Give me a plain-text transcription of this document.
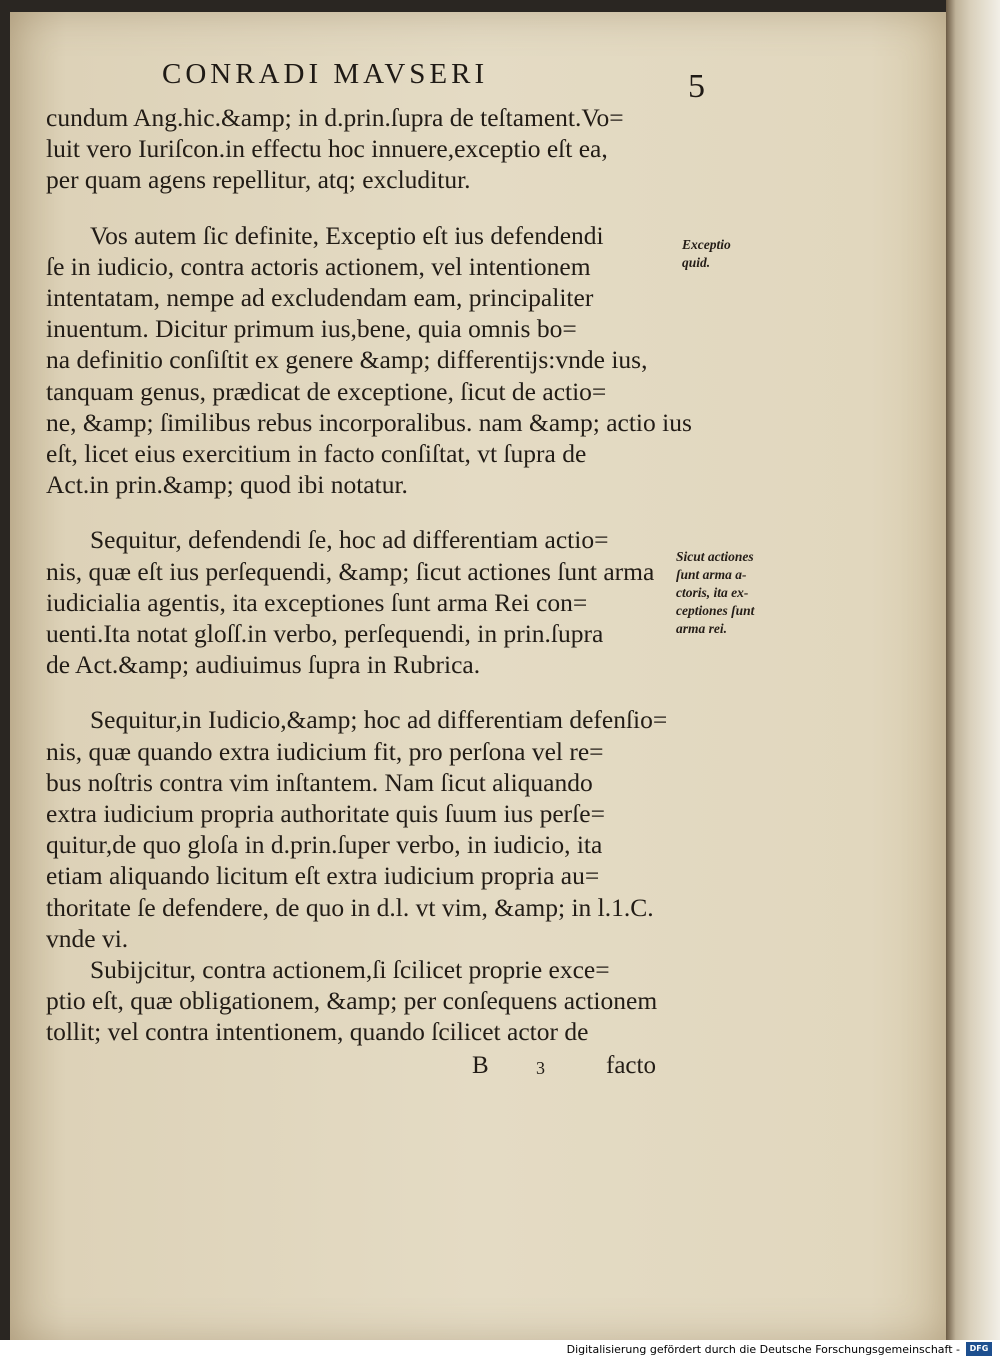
CONRADI MAVSERI	5

cundum Ang.hic.&amp; in d.prin.ſupra de teſtament.Vo=
luit vero Iuriſcon.in effectu hoc innuere,exceptio eſt ea,
per quam agens repellitur, atq; excluditur.

Vos autem ſic definite, Exceptio eſt ius defendendi
ſe in iudicio, contra actoris actionem, vel intentionem
intentatam, nempe ad excludendam eam, principaliter
inuentum. Dicitur primum ius,bene, quia omnis bo=
na definitio conſiſtit ex genere &amp; differentijs:vnde ius,
tanquam genus, prædicat de exceptione, ſicut de actio=
ne, &amp; ſimilibus rebus incorporalibus. nam &amp; actio ius
eſt, licet eius exercitium in facto conſiſtat, vt ſupra de
Act.in prin.&amp; quod ibi notatur.

Sequitur, defendendi ſe, hoc ad differentiam actio=
nis, quæ eſt ius perſequendi, &amp; ſicut actiones ſunt arma
iudicialia agentis, ita exceptiones ſunt arma Rei con=
uenti.Ita notat gloſſ.in verbo, perſequendi, in prin.ſupra
de Act.&amp; audiuimus ſupra in Rubrica.

Sequitur,in Iudicio,&amp; hoc ad differentiam defenſio=
nis, quæ quando extra iudicium fit, pro perſona vel re=
bus noſtris contra vim inſtantem. Nam ſicut aliquando
extra iudicium propria authoritate quis ſuum ius perſe=
quitur,de quo gloſa in d.prin.ſuper verbo, in iudicio, ita
etiam aliquando licitum eſt extra iudicium propria au=
thoritate ſe defendere, de quo in d.l. vt vim, &amp; in l.1.C.
vnde vi.

Subijcitur, contra actionem,ſi ſcilicet proprie exce=
ptio eſt, quæ obligationem, &amp; per conſequens actionem
tollit; vel contra intentionem, quando ſcilicet actor de

Exceptio
quid.
Sicut actiones
ſunt arma a-
ctoris, ita ex-
ceptiones ſunt
arma rei.
B	3 facto
Digitalisierung gefördert durch die Deutsche Forschungsgemeinschaft -	DFG
